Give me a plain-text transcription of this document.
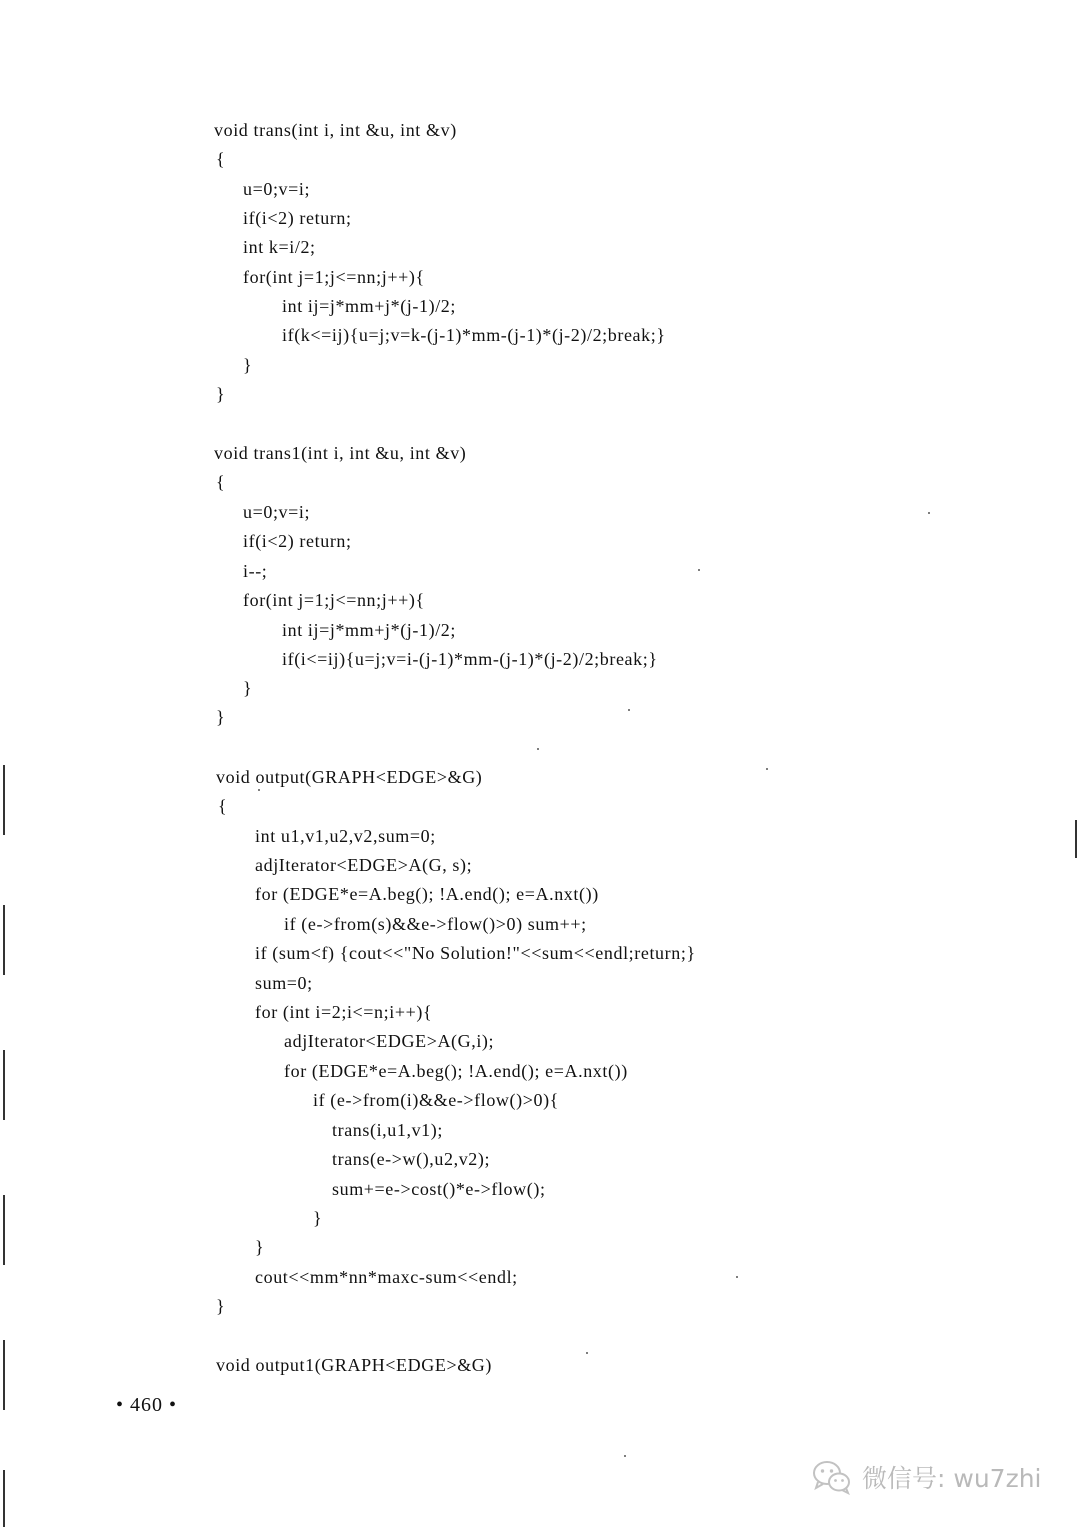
void trans(int i, int &u, int &v)
{
u=0;v=i;
if(i<2) return;
int k=i/2;
for(int j=1;j<=nn;j++){
int ij=j*mm+j*(j-1)/2;
if(k<=ij){u=j;v=k-(j-1)*mm-(j-1)*(j-2)/2;break;}
}
}
void trans1(int i, int &u, int &v)
{
u=0;v=i;
if(i<2) return;
i--;
for(int j=1;j<=nn;j++){
int ij=j*mm+j*(j-1)/2;
if(i<=ij){u=j;v=i-(j-1)*mm-(j-1)*(j-2)/2;break;}
}
}
void output(GRAPH<EDGE>&G)
{
int u1,v1,u2,v2,sum=0;
adjIterator<EDGE>A(G, s);
for (EDGE*e=A.beg(); !A.end(); e=A.nxt())
if (e->from(s)&&e->flow()>0) sum++;
if (sum<f) {cout<<"No Solution!"<<sum<<endl;return;}
sum=0;
for (int i=2;i<=n;i++){
adjIterator<EDGE>A(G,i);
for (EDGE*e=A.beg(); !A.end(); e=A.nxt())
if (e->from(i)&&e->flow()>0){
trans(i,u1,v1);
trans(e->w(),u2,v2);
sum+=e->cost()*e->flow();
}
}
cout<<mm*nn*maxc-sum<<endl;
}
void output1(GRAPH<EDGE>&G)
• 460 •
微信号: wu7zhi
